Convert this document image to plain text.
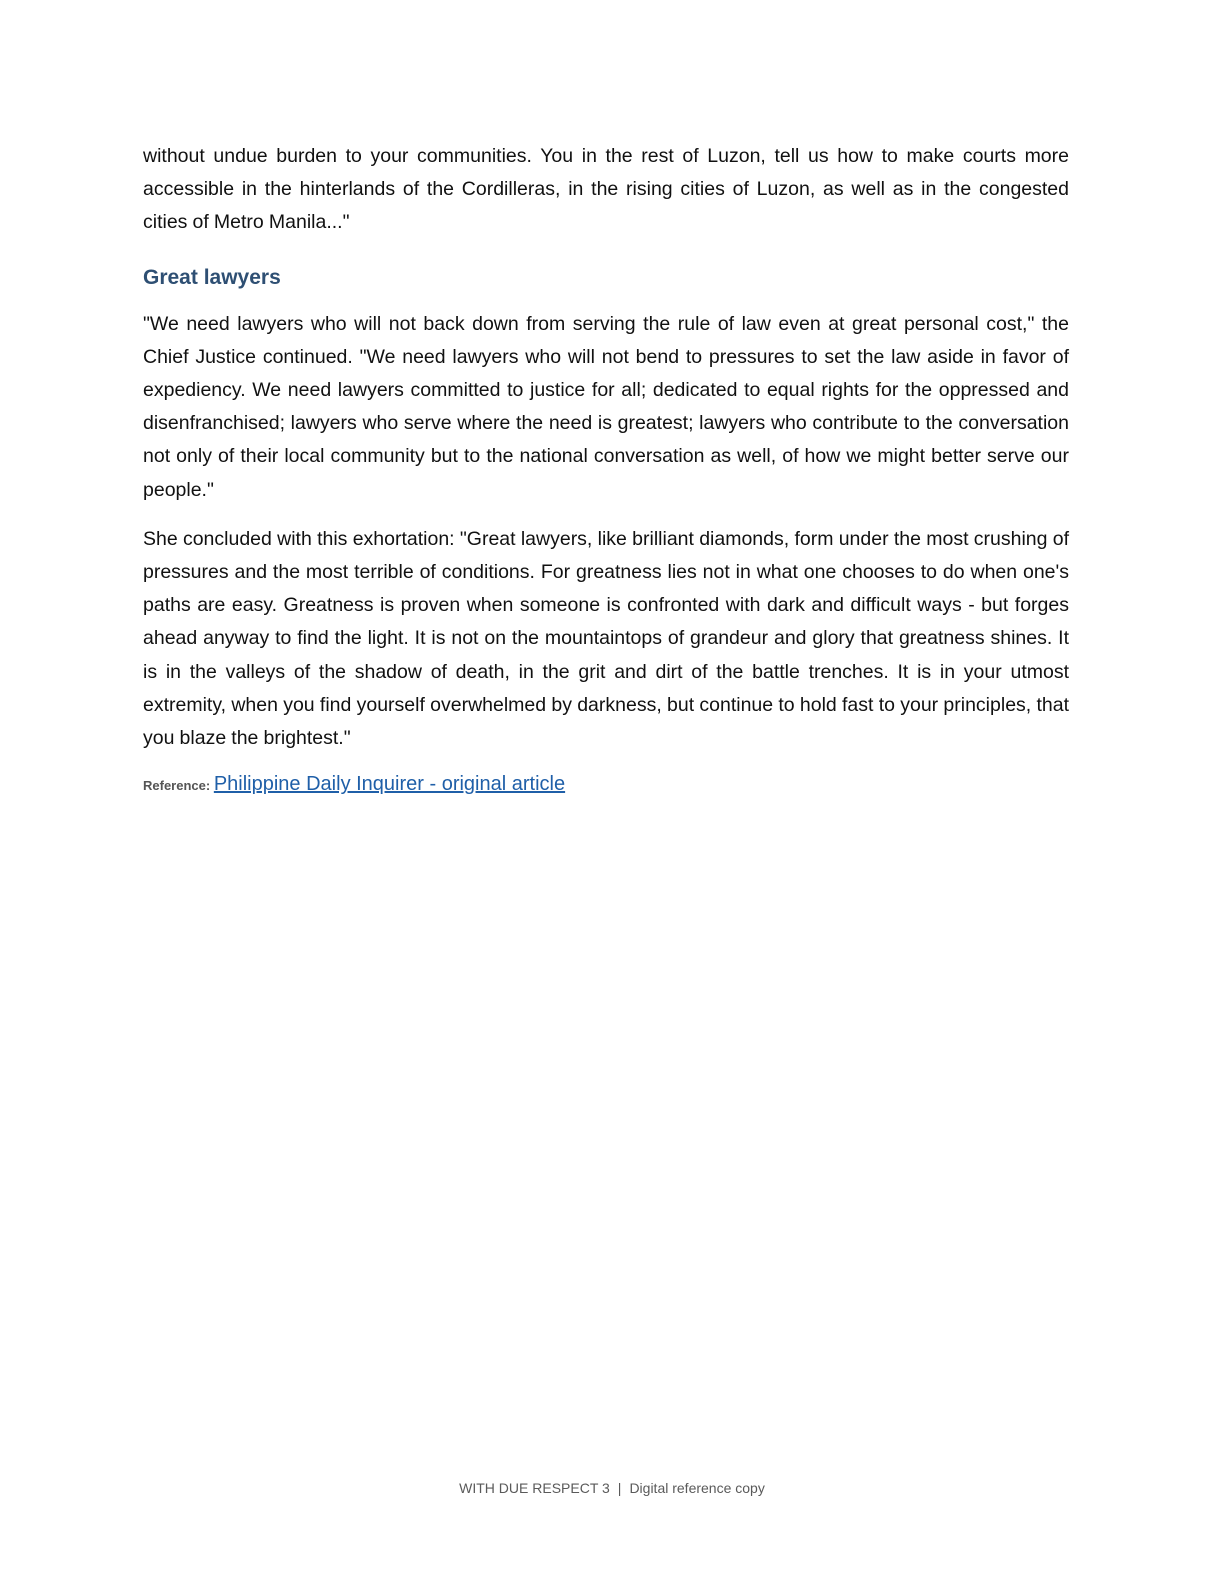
without undue burden to your communities. You in the rest of Luzon, tell us how to make courts more accessible in the hinterlands of the Cordilleras, in the rising cities of Luzon, as well as in the congested cities of Metro Manila..."

Great lawyers

"We need lawyers who will not back down from serving the rule of law even at great personal cost," the Chief Justice continued. "We need lawyers who will not bend to pressures to set the law aside in favor of expediency. We need lawyers committed to justice for all; dedicated to equal rights for the oppressed and disenfranchised; lawyers who serve where the need is greatest; lawyers who contribute to the conversation not only of their local community but to the national conversation as well, of how we might better serve our people."

She concluded with this exhortation: "Great lawyers, like brilliant diamonds, form under the most crushing of pressures and the most terrible of conditions. For greatness lies not in what one chooses to do when one's paths are easy. Greatness is proven when someone is confronted with dark and difficult ways - but forges ahead anyway to find the light. It is not on the mountaintops of grandeur and glory that greatness shines. It is in the valleys of the shadow of death, in the grit and dirt of the battle trenches. It is in your utmost extremity, when you find yourself overwhelmed by darkness, but continue to hold fast to your principles, that you blaze the brightest."

Reference: Philippine Daily Inquirer - original article
WITH DUE RESPECT 3 | Digital reference copy
